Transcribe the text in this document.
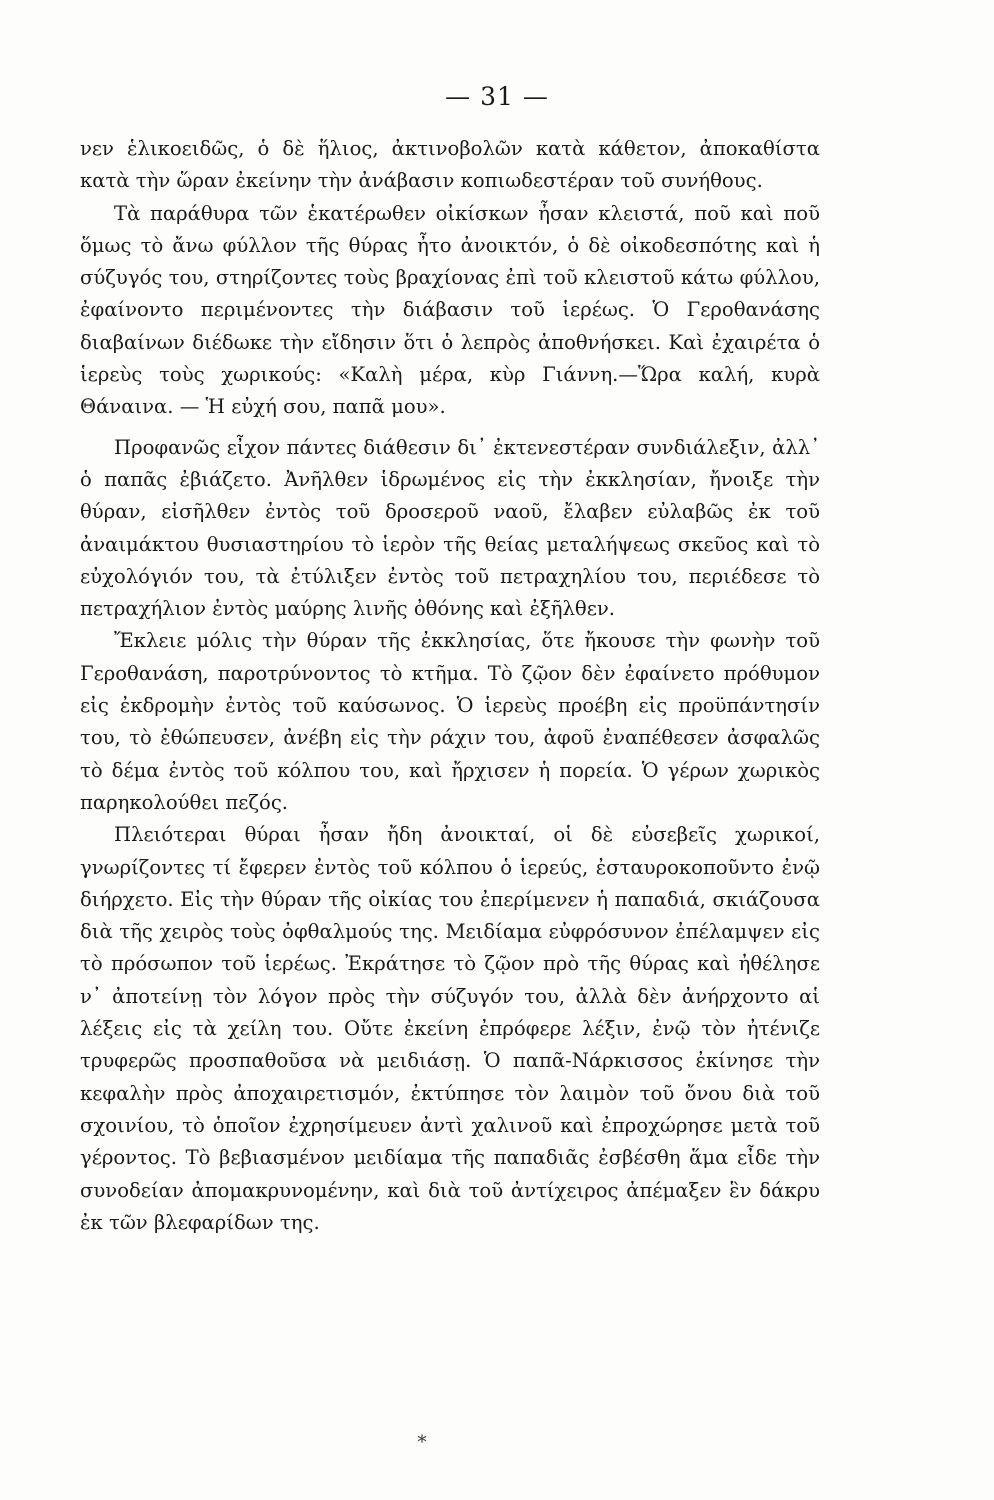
— 31 —

νεν ἑλικοειδῶς, ὁ δὲ ἥλιος, ἀκτινοβολῶν κατὰ κάθετον, ἀποκαθίστα κατὰ τὴν ὥραν ἐκείνην τὴν ἀνάβασιν κοπιωδεστέραν τοῦ συνήθους.

Τὰ παράθυρα τῶν ἑκατέρωθεν οἰκίσκων ἦσαν κλειστά, ποῦ καὶ ποῦ ὅμως τὸ ἄνω φύλλον τῆς θύρας ἦτο ἀνοικτόν, ὁ δὲ οἰκοδεσπότης καὶ ἡ σύζυγός του, στηρίζοντες τοὺς βραχίονας ἐπὶ τοῦ κλειστοῦ κάτω φύλλου, ἐφαίνοντο περιμένοντες τὴν διάβασιν τοῦ ἱερέως. Ὁ Γεροθανάσης διαβαίνων διέδωκε τὴν εἴδησιν ὅτι ὁ λεπρὸς ἀποθνήσκει. Καὶ ἐχαιρέτα ὁ ἱερεὺς τοὺς χωρικούς: «Καλὴ μέρα, κὺρ Γιάννη.—Ὥρα καλή, κυρὰ Θάναινα. — Ἡ εὐχή σου, παπᾶ μου».

Προφανῶς εἶχον πάντες διάθεσιν δι᾿ ἐκτενεστέραν συνδιάλεξιν, ἀλλ᾿ ὁ παπᾶς ἐβιάζετο. Ἀνῆλθεν ἱδρωμένος εἰς τὴν ἐκκλησίαν, ἤνοιξε τὴν θύραν, εἰσῆλθεν ἐντὸς τοῦ δροσεροῦ ναοῦ, ἔλαβεν εὐλαβῶς ἐκ τοῦ ἀναιμάκτου θυσιαστηρίου τὸ ἱερὸν τῆς θείας μεταλήψεως σκεῦος καὶ τὸ εὐχολόγιόν του, τὰ ἐτύλιξεν ἐντὸς τοῦ πετραχηλίου του, περιέδεσε τὸ πετραχήλιον ἐντὸς μαύρης λινῆς ὀθόνης καὶ ἐξῆλθεν.

Ἔκλειε μόλις τὴν θύραν τῆς ἐκκλησίας, ὅτε ἤκουσε τὴν φωνὴν τοῦ Γεροθανάση, παροτρύνοντος τὸ κτῆμα. Τὸ ζῷον δὲν ἐφαίνετο πρόθυμον εἰς ἐκδρομὴν ἐντὸς τοῦ καύσωνος. Ὁ ἱερεὺς προέβη εἰς προϋπάντησίν του, τὸ ἐθώπευσεν, ἀνέβη εἰς τὴν ράχιν του, ἀφοῦ ἐναπέθεσεν ἀσφαλῶς τὸ δέμα ἐντὸς τοῦ κόλπου του, καὶ ἤρχισεν ἡ πορεία. Ὁ γέρων χωρικὸς παρηκολούθει πεζός.

Πλειότεραι θύραι ἦσαν ἤδη ἀνοικταί, οἱ δὲ εὐσεβεῖς χωρικοί, γνωρίζοντες τί ἔφερεν ἐντὸς τοῦ κόλπου ὁ ἱερεύς, ἐσταυροκοποῦντο ἐνῷ διήρχετο. Εἰς τὴν θύραν τῆς οἰκίας του ἐπερίμενεν ἡ παπαδιά, σκιάζουσα διὰ τῆς χειρὸς τοὺς ὀφθαλμούς της. Μειδίαμα εὐφρόσυνον ἐπέλαμψεν εἰς τὸ πρόσωπον τοῦ ἱερέως. Ἐκράτησε τὸ ζῷον πρὸ τῆς θύρας καὶ ἠθέλησε ν᾿ ἀποτείνῃ τὸν λόγον πρὸς τὴν σύζυγόν του, ἀλλὰ δὲν ἀνήρχοντο αἱ λέξεις εἰς τὰ χείλη του. Οὔτε ἐκείνη ἐπρόφερε λέξιν, ἐνῷ τὸν ἠτένιζε τρυφερῶς προσπαθοῦσα νὰ μειδιάσῃ. Ὁ παπᾶ-Νάρκισσος ἐκίνησε τὴν κεφαλὴν πρὸς ἀποχαιρετισμόν, ἐκτύπησε τὸν λαιμὸν τοῦ ὄνου διὰ τοῦ σχοινίου, τὸ ὁποῖον ἐχρησίμευεν ἀντὶ χαλινοῦ καὶ ἐπροχώρησε μετὰ τοῦ γέροντος. Τὸ βεβιασμένον μειδίαμα τῆς παπαδιᾶς ἐσβέσθη ἅμα εἶδε τὴν συνοδείαν ἀπομακρυνομένην, καὶ διὰ τοῦ ἀντίχειρος ἀπέμαξεν ἓν δάκρυ ἐκ τῶν βλεφαρίδων της.

*
